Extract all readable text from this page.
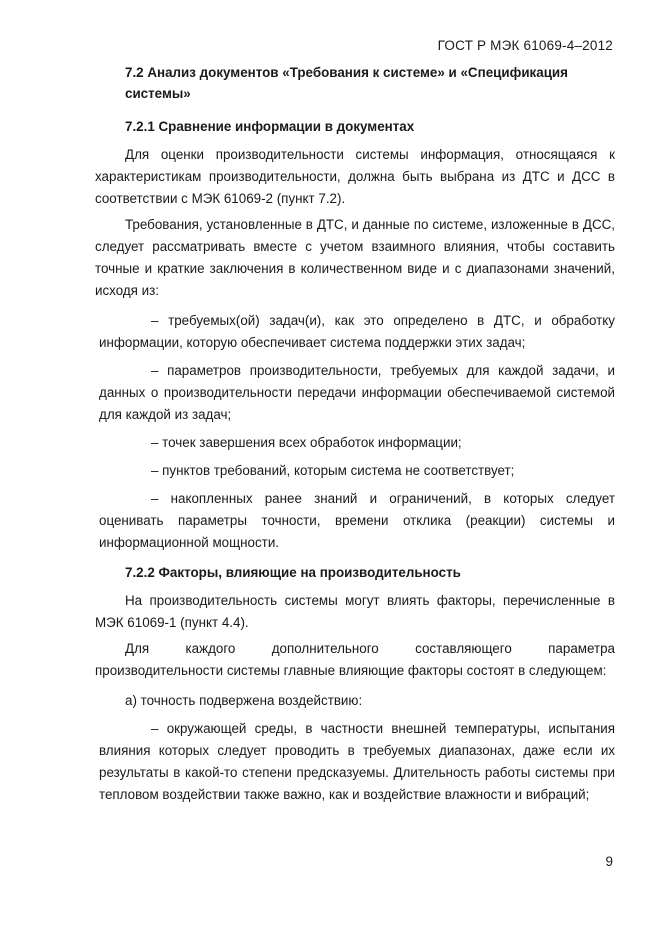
ГОСТ Р МЭК 61069-4–2012
7.2 Анализ документов «Требования к системе» и «Спецификация системы»
7.2.1 Сравнение информации в документах
Для оценки производительности системы информация, относящаяся к характеристикам производительности, должна быть выбрана из ДТС и ДСС в соответствии с МЭК 61069-2 (пункт 7.2).
Требования, установленные в ДТС, и данные по системе, изложенные в ДСС, следует рассматривать вместе с учетом взаимного влияния, чтобы составить точные и краткие заключения в количественном виде и с диапазонами значений, исходя из:
– требуемых(ой) задач(и), как это определено в ДТС, и обработку информации, которую обеспечивает система поддержки этих задач;
– параметров производительности, требуемых для каждой задачи, и данных о производительности передачи информации обеспечиваемой системой для каждой из задач;
– точек завершения всех обработок информации;
– пунктов требований, которым система не соответствует;
– накопленных ранее знаний и ограничений, в которых следует оценивать параметры точности, времени отклика (реакции) системы и информационной мощности.
7.2.2 Факторы, влияющие на производительность
На производительность системы могут влиять факторы, перечисленные в МЭК 61069-1 (пункт 4.4).
Для каждого дополнительного составляющего параметра производительности системы главные влияющие факторы состоят в следующем:
а) точность подвержена воздействию:
– окружающей среды, в частности внешней температуры, испытания влияния которых следует проводить в требуемых диапазонах, даже если их результаты в какой-то степени предсказуемы. Длительность работы системы при тепловом воздействии также важно, как и воздействие влажности и вибраций;
9
